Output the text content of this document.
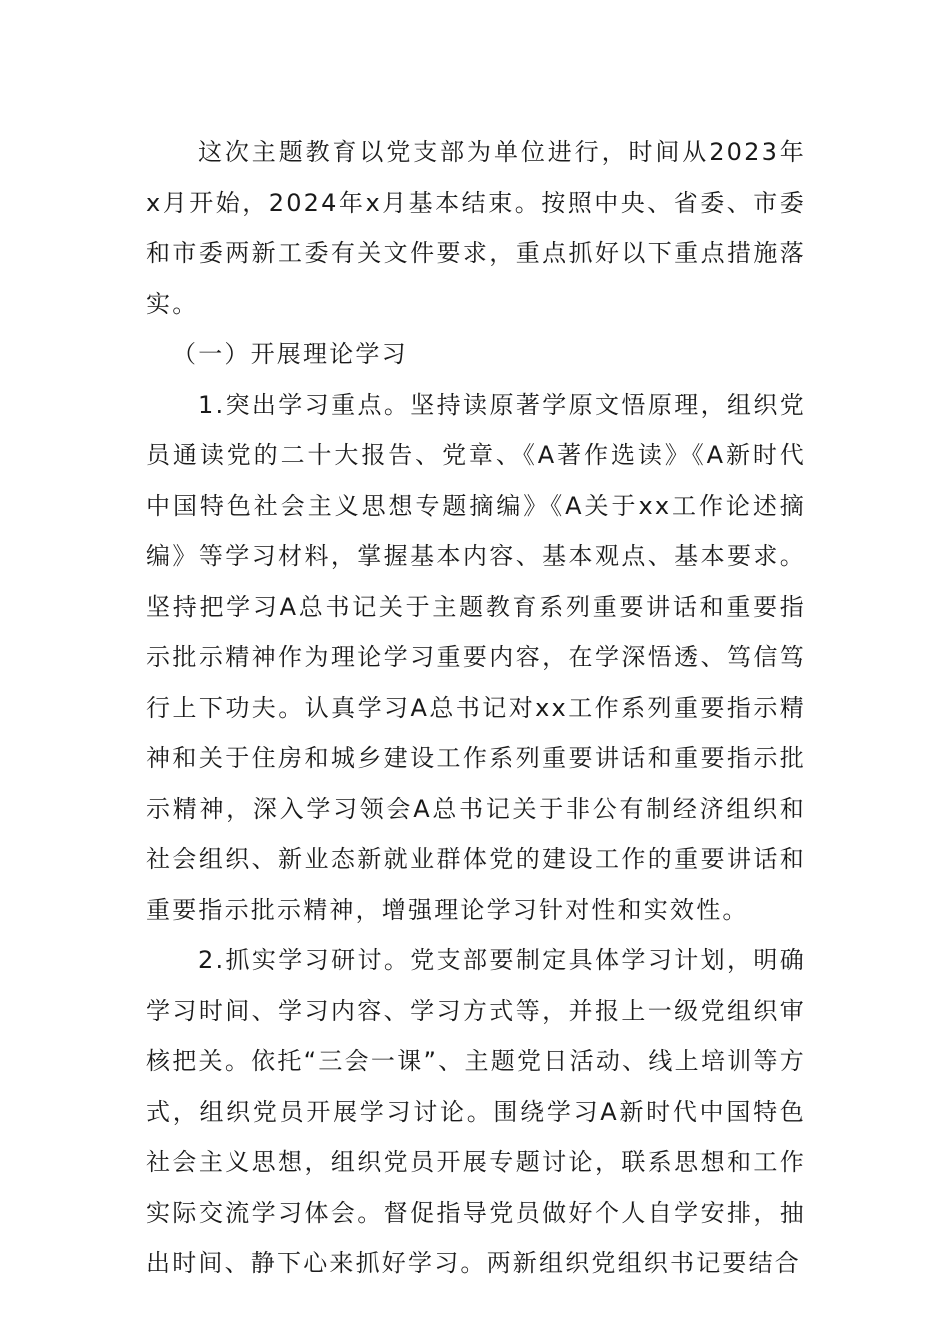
这次主题教育以党支部为单位进行，时间从2023年x月开始，2024年x月基本结束。按照中央、省委、市委和市委两新工委有关文件要求，重点抓好以下重点措施落实。

（一）开展理论学习

1.突出学习重点。坚持读原著学原文悟原理，组织党员通读党的二十大报告、党章、《A著作选读》《A新时代中国特色社会主义思想专题摘编》《A关于xx工作论述摘编》等学习材料，掌握基本内容、基本观点、基本要求。坚持把学习A总书记关于主题教育系列重要讲话和重要指示批示精神作为理论学习重要内容，在学深悟透、笃信笃行上下功夫。认真学习A总书记对xx工作系列重要指示精神和关于住房和城乡建设工作系列重要讲话和重要指示批示精神，深入学习领会A总书记关于非公有制经济组织和社会组织、新业态新就业群体党的建设工作的重要讲话和重要指示批示精神，增强理论学习针对性和实效性。

2.抓实学习研讨。党支部要制定具体学习计划，明确学习时间、学习内容、学习方式等，并报上一级党组织审核把关。依托“三会一课”、主题党日活动、线上培训等方式，组织党员开展学习讨论。围绕学习A新时代中国特色社会主义思想，组织党员开展专题讨论，联系思想和工作实际交流学习体会。督促指导党员做好个人自学安排，抽出时间、静下心来抓好学习。两新组织党组织书记要结合
